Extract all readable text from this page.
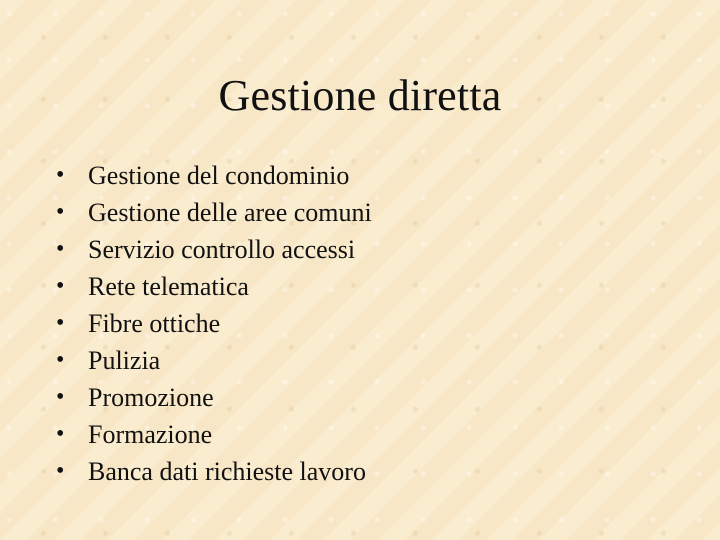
Gestione diretta
• Gestione del condominio
• Gestione delle aree comuni
• Servizio controllo accessi
• Rete telematica
• Fibre ottiche
• Pulizia
• Promozione
• Formazione
• Banca dati richieste lavoro
